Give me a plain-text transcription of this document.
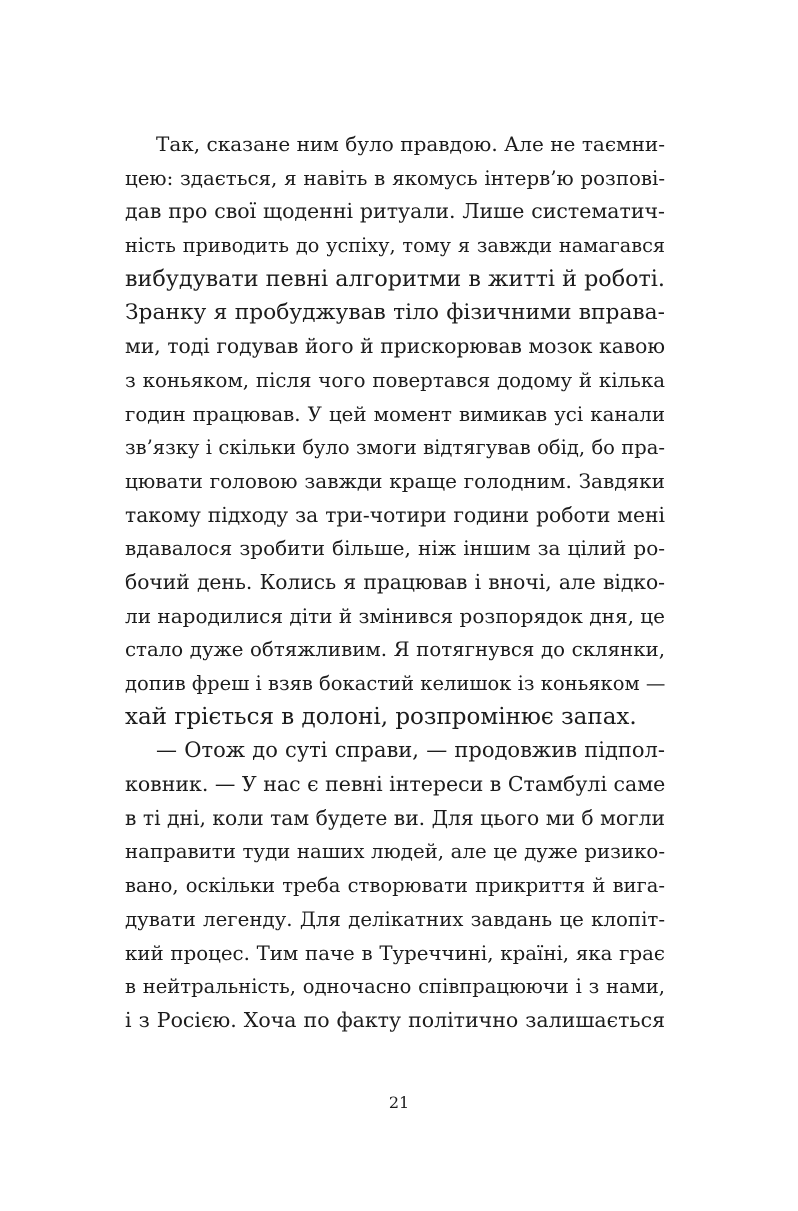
Так, сказане ним було правдою. Але не таємни-
цею: здається, я навіть в якомусь інтерв’ю розпові-
дав про свої щоденні ритуали. Лише систематич-
ність приводить до успіху, тому я завжди намагався
вибудувати певні алгоритми в житті й роботі.
Зранку я пробуджував тіло фізичними вправа-
ми, тоді годував його й прискорював мозок кавою
з коньяком, після чого повертався додому й кілька
годин працював. У цей момент вимикав усі канали
зв’язку і скільки було змоги відтягував обід, бо пра-
цювати головою завжди краще голодним. Завдяки
такому підходу за три-чотири години роботи мені
вдавалося зробити більше, ніж іншим за цілий ро-
бочий день. Колись я працював і вночі, але відко-
ли народилися діти й змінився розпорядок дня, це
стало дуже обтяжливим. Я потягнувся до склянки,
допив фреш і взяв бокастий келишок із коньяком —
хай гріється в долоні, розпромінює запах.
— Отож до суті справи, — продовжив підпол-
ковник. — У нас є певні інтереси в Стамбулі саме
в ті дні, коли там будете ви. Для цього ми б могли
направити туди наших людей, але це дуже ризико-
вано, оскільки треба створювати прикриття й вига-
дувати легенду. Для делікатних завдань це клопіт-
кий процес. Тим паче в Туреччині, країні, яка грає
в нейтральність, одночасно співпрацюючи і з нами,
і з Росією. Хоча по факту політично залишається
21
